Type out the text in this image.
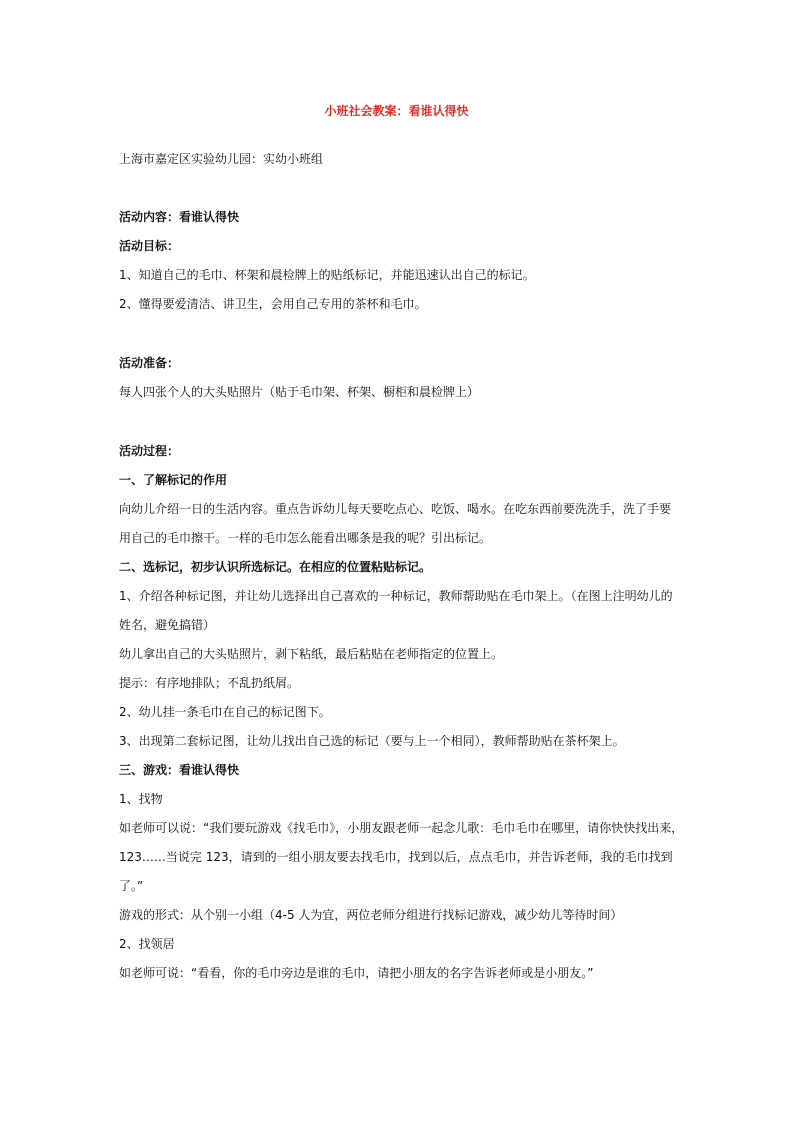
小班社会教案：看谁认得快
上海市嘉定区实验幼儿园：实幼小班组
活动内容：看谁认得快
活动目标：
1、知道自己的毛巾、杯架和晨检牌上的贴纸标记，并能迅速认出自己的标记。
2、懂得要爱清洁、讲卫生，会用自己专用的茶杯和毛巾。
活动准备：
每人四张个人的大头贴照片（贴于毛巾架、杯架、橱柜和晨检牌上）
活动过程：
一、了解标记的作用
向幼儿介绍一日的生活内容。重点告诉幼儿每天要吃点心、吃饭、喝水。在吃东西前要洗洗手，洗了手要
用自己的毛巾擦干。一样的毛巾怎么能看出哪条是我的呢？引出标记。
二、选标记，初步认识所选标记。在相应的位置粘贴标记。
1、介绍各种标记图，并让幼儿选择出自己喜欢的一种标记，教师帮助贴在毛巾架上。（在图上注明幼儿的
姓名，避免搞错）
幼儿拿出自己的大头贴照片，剥下粘纸，最后粘贴在老师指定的位置上。
提示：有序地排队；不乱扔纸屑。
2、幼儿挂一条毛巾在自己的标记图下。
3、出现第二套标记图，让幼儿找出自己选的标记（要与上一个相同），教师帮助贴在茶杯架上。
三、游戏：看谁认得快
1、找物
如老师可以说：“我们要玩游戏《找毛巾》，小朋友跟老师一起念儿歌：毛巾毛巾在哪里，请你快快找出来，
123……当说完 123，请到的一组小朋友要去找毛巾，找到以后，点点毛巾，并告诉老师，我的毛巾找到
了。”
游戏的形式：从个别一小组（4-5 人为宜，两位老师分组进行找标记游戏，减少幼儿等待时间）
2、找领居
如老师可说：“看看，你的毛巾旁边是谁的毛巾，请把小朋友的名字告诉老师或是小朋友。”
